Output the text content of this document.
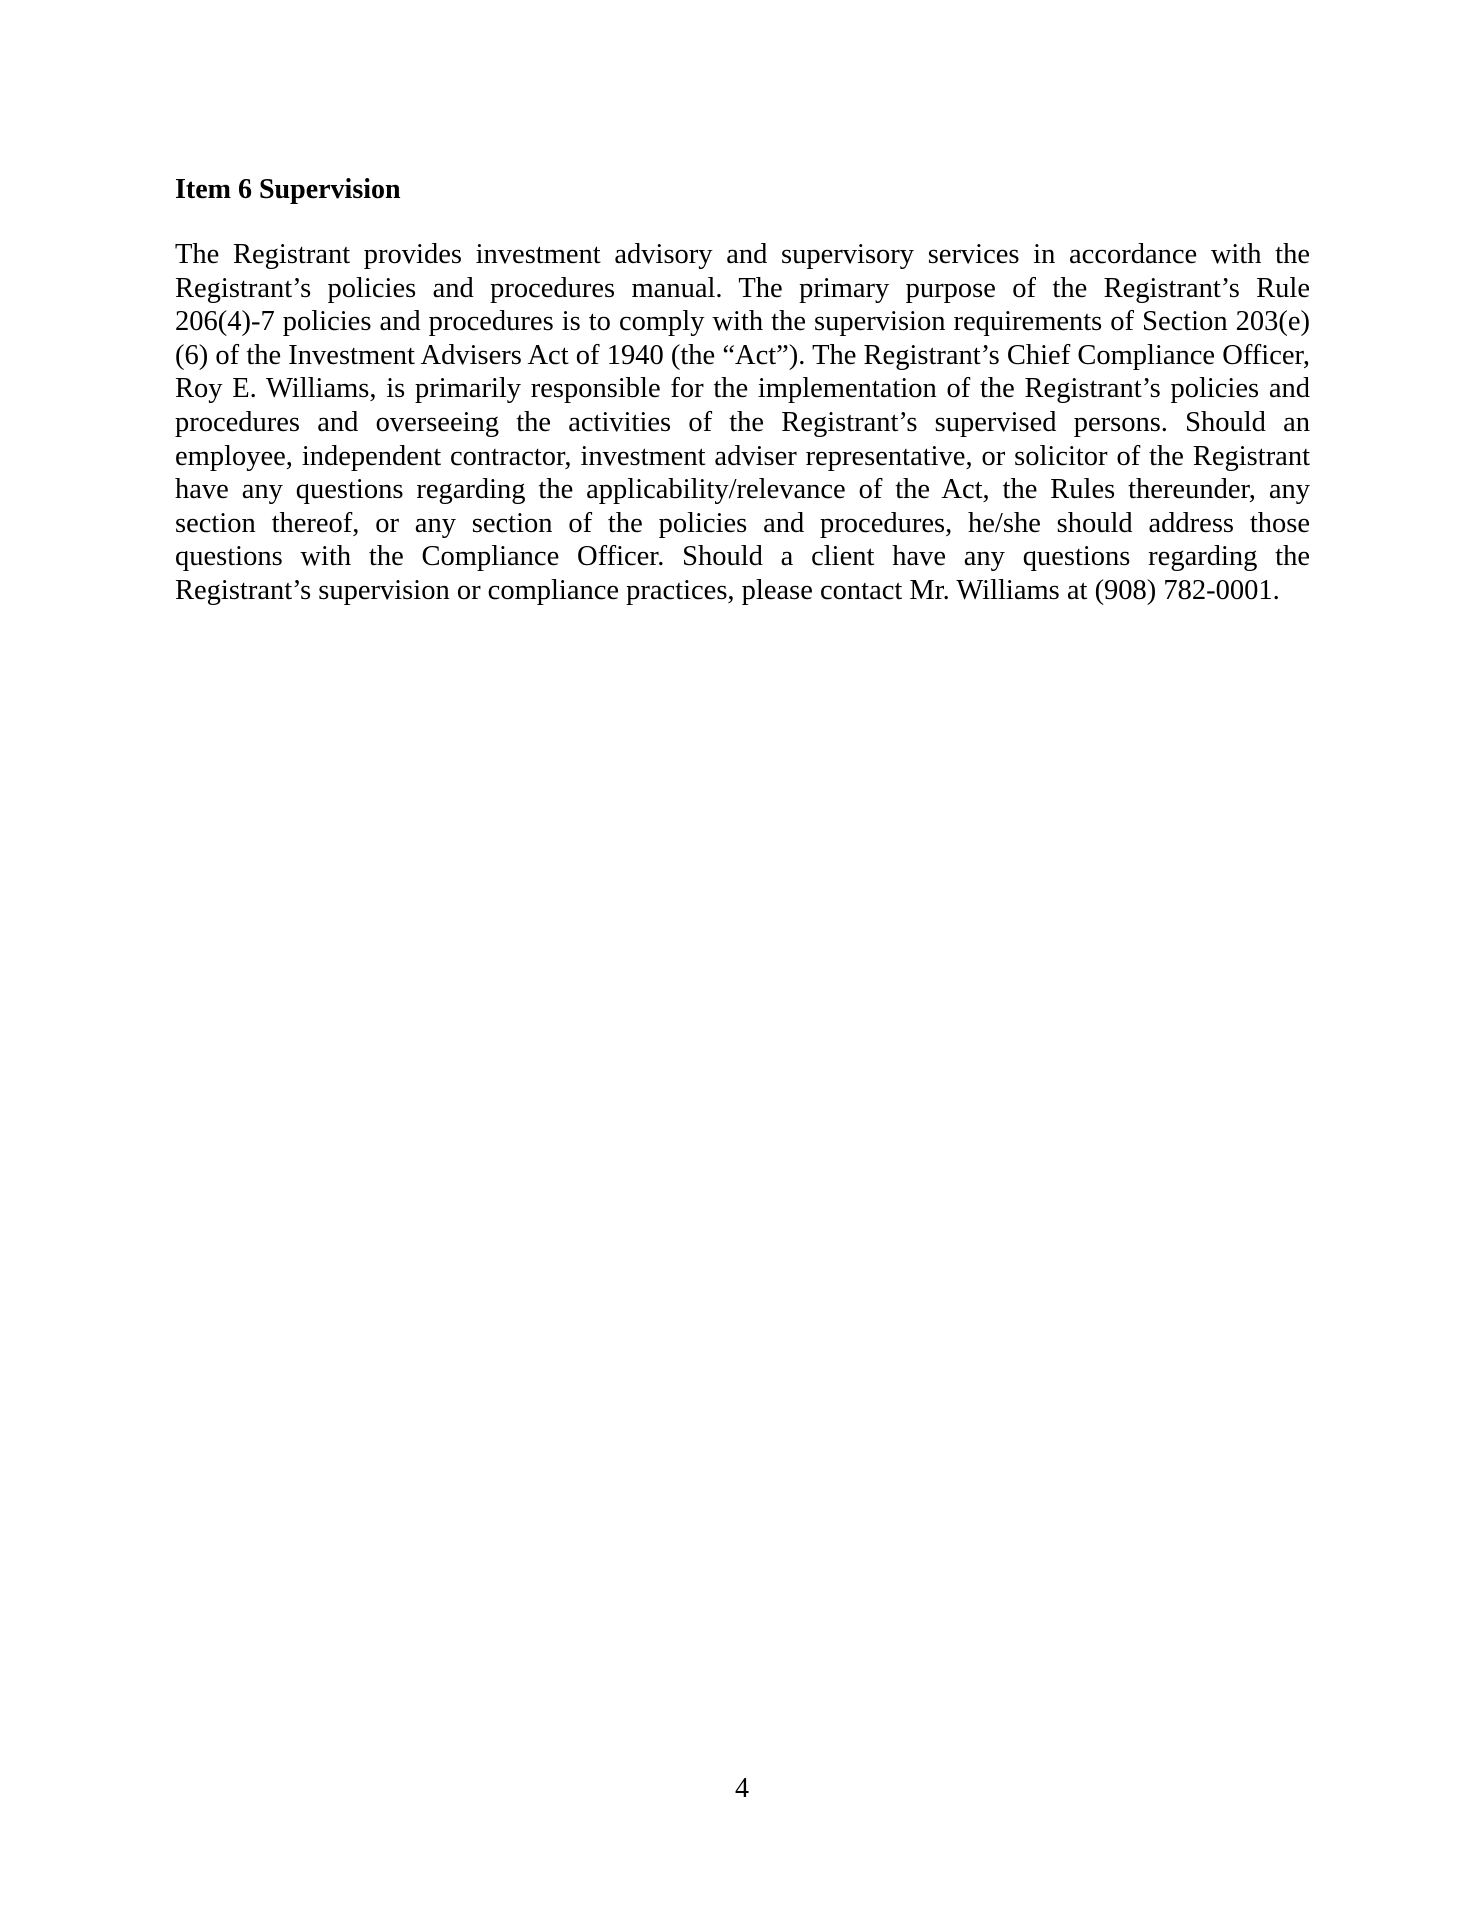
Item 6 Supervision

The Registrant provides investment advisory and supervisory services in accordance with the Registrant’s policies and procedures manual. The primary purpose of the Registrant’s Rule 206(4)-7 policies and procedures is to comply with the supervision requirements of Section 203(e)(6) of the Investment Advisers Act of 1940 (the “Act”). The Registrant’s Chief Compliance Officer, Roy E. Williams, is primarily responsible for the implementation of the Registrant’s policies and procedures and overseeing the activities of the Registrant’s supervised persons. Should an employee, independent contractor, investment adviser representative, or solicitor of the Registrant have any questions regarding the applicability/relevance of the Act, the Rules thereunder, any section thereof, or any section of the policies and procedures, he/she should address those questions with the Compliance Officer. Should a client have any questions regarding the Registrant’s supervision or compliance practices, please contact Mr. Williams at (908) 782-0001.

4
